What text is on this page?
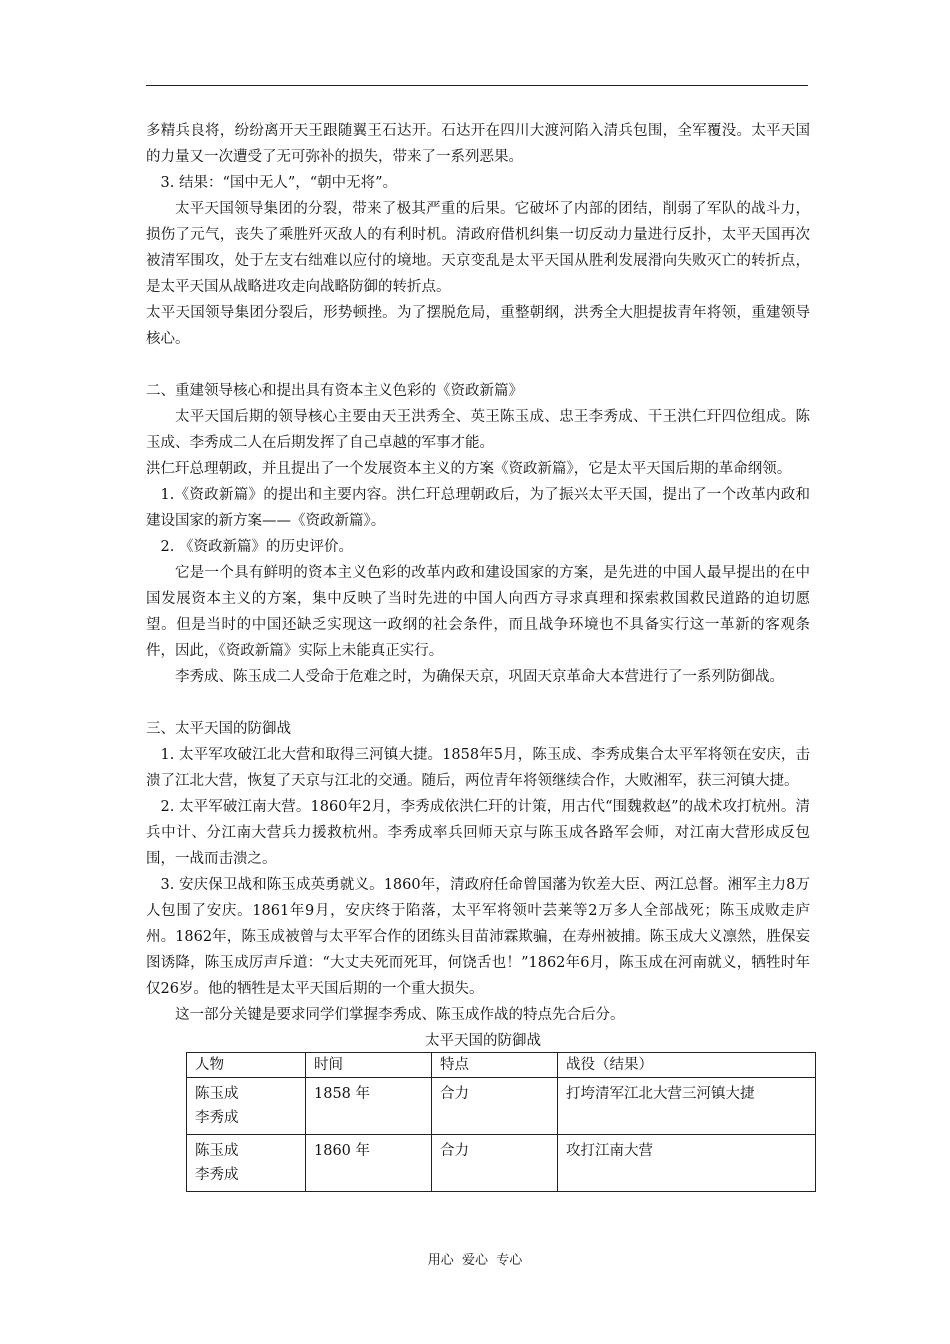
多精兵良将，纷纷离开天王跟随翼王石达开。石达开在四川大渡河陷入清兵包围，全军覆没。太平天国的力量又一次遭受了无可弥补的损失，带来了一系列恶果。

3. 结果：“国中无人”，“朝中无将”。

太平天国领导集团的分裂，带来了极其严重的后果。它破坏了内部的团结，削弱了军队的战斗力，损伤了元气，丧失了乘胜歼灭敌人的有利时机。清政府借机纠集一切反动力量进行反扑，太平天国再次被清军围攻，处于左支右绌难以应付的境地。天京变乱是太平天国从胜利发展滑向失败灭亡的转折点，是太平天国从战略进攻走向战略防御的转折点。

太平天国领导集团分裂后，形势顿挫。为了摆脱危局，重整朝纲，洪秀全大胆提拔青年将领，重建领导核心。

二、重建领导核心和提出具有资本主义色彩的《资政新篇》

太平天国后期的领导核心主要由天王洪秀全、英王陈玉成、忠王李秀成、干王洪仁玕四位组成。陈玉成、李秀成二人在后期发挥了自己卓越的军事才能。

洪仁玕总理朝政，并且提出了一个发展资本主义的方案《资政新篇》，它是太平天国后期的革命纲领。

1.《资政新篇》的提出和主要内容。洪仁玕总理朝政后，为了振兴太平天国，提出了一个改革内政和建设国家的新方案——《资政新篇》。

2. 《资政新篇》的历史评价。

它是一个具有鲜明的资本主义色彩的改革内政和建设国家的方案，是先进的中国人最早提出的在中国发展资本主义的方案，集中反映了当时先进的中国人向西方寻求真理和探索救国救民道路的迫切愿望。但是当时的中国还缺乏实现这一政纲的社会条件，而且战争环境也不具备实行这一革新的客观条件，因此，《资政新篇》实际上未能真正实行。

李秀成、陈玉成二人受命于危难之时，为确保天京，巩固天京革命大本营进行了一系列防御战。

三、太平天国的防御战

1. 太平军攻破江北大营和取得三河镇大捷。1858年5月，陈玉成、李秀成集合太平军将领在安庆，击溃了江北大营，恢复了天京与江北的交通。随后，两位青年将领继续合作，大败湘军，获三河镇大捷。

2. 太平军破江南大营。1860年2月，李秀成依洪仁玕的计策，用古代“围魏救赵”的战术攻打杭州。清兵中计、分江南大营兵力援救杭州。李秀成率兵回师天京与陈玉成各路军会师，对江南大营形成反包围，一战而击溃之。

3. 安庆保卫战和陈玉成英勇就义。1860年，清政府任命曾国藩为钦差大臣、两江总督。湘军主力8万人包围了安庆。1861年9月，安庆终于陷落，太平军将领叶芸莱等2万多人全部战死；陈玉成败走庐州。1862年，陈玉成被曾与太平军合作的团练头目苗沛霖欺骗，在寿州被捕。陈玉成大义凛然，胜保妄图诱降，陈玉成厉声斥道：“大丈夫死而死耳，何饶舌也！”1862年6月，陈玉成在河南就义，牺牲时年仅26岁。他的牺牲是太平天国后期的一个重大损失。

这一部分关键是要求同学们掌握李秀成、陈玉成作战的特点先合后分。

太平天国的防御战
人物	时间	特点	战役（结果）
陈玉成
李秀成	1858 年	合力	打垮清军江北大营三河镇大捷
陈玉成
李秀成	1860 年	合力	攻打江南大营
用心  爱心  专心
